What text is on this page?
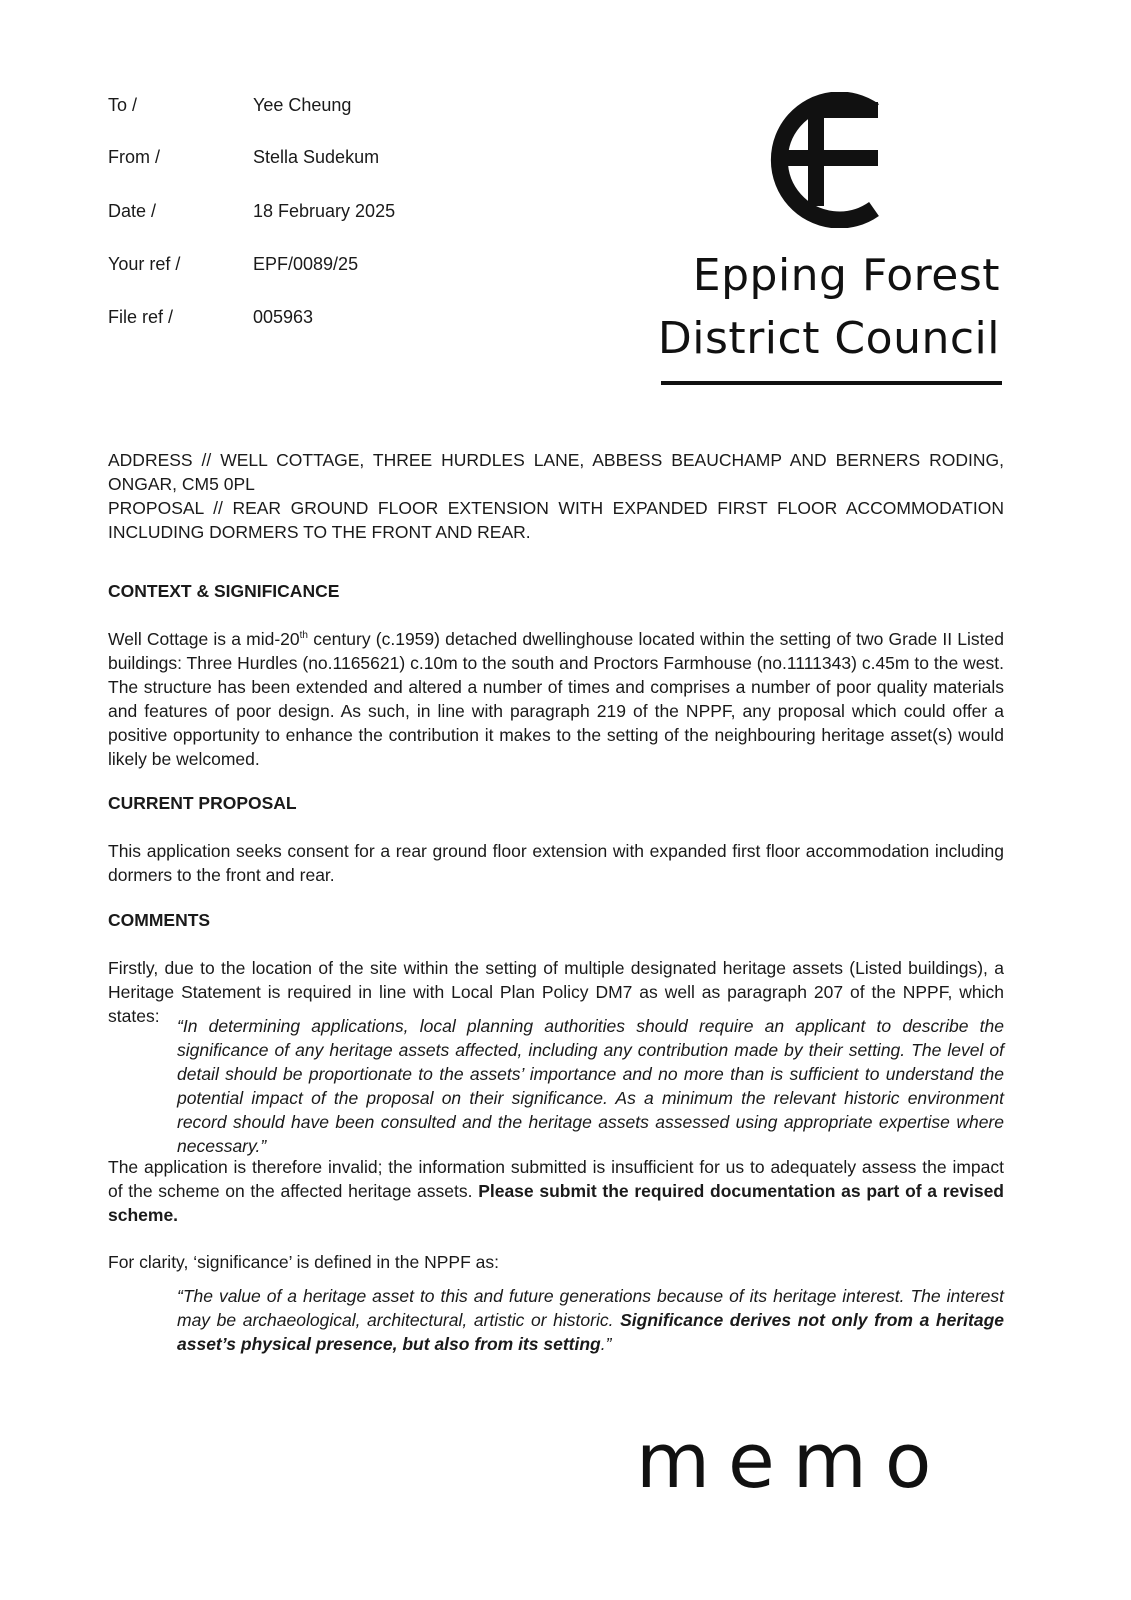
To /	Yee Cheung
From /	Stella Sudekum
Date /	18 February 2025
Your ref /	EPF/0089/25
File ref /	005963
Epping Forest
District Council
ADDRESS // WELL COTTAGE, THREE HURDLES LANE, ABBESS BEAUCHAMP AND BERNERS RODING, ONGAR, CM5 0PL
PROPOSAL // REAR GROUND FLOOR EXTENSION WITH EXPANDED FIRST FLOOR ACCOMMODATION INCLUDING DORMERS TO THE FRONT AND REAR.
CONTEXT & SIGNIFICANCE
Well Cottage is a mid-20th century (c.1959) detached dwellinghouse located within the setting of two Grade II Listed buildings: Three Hurdles (no.1165621) c.10m to the south and Proctors Farmhouse (no.1111343) c.45m to the west. The structure has been extended and altered a number of times and comprises a number of poor quality materials and features of poor design. As such, in line with paragraph 219 of the NPPF, any proposal which could offer a positive opportunity to enhance the contribution it makes to the setting of the neighbouring heritage asset(s) would likely be welcomed.
CURRENT PROPOSAL
This application seeks consent for a rear ground floor extension with expanded first floor accommodation including dormers to the front and rear.
COMMENTS
Firstly, due to the location of the site within the setting of multiple designated heritage assets (Listed buildings), a Heritage Statement is required in line with Local Plan Policy DM7 as well as paragraph 207 of the NPPF, which states: “In determining applications, local planning authorities should require an applicant to describe the significance of any heritage assets affected, including any contribution made by their setting. The level of detail should be proportionate to the assets’ importance and no more than is sufficient to understand the potential impact of the proposal on their significance. As a minimum the relevant historic environment record should have been consulted and the heritage assets assessed using appropriate expertise where necessary.”
The application is therefore invalid; the information submitted is insufficient for us to adequately assess the impact of the scheme on the affected heritage assets. Please submit the required documentation as part of a revised scheme.
For clarity, ‘significance’ is defined in the NPPF as:
“The value of a heritage asset to this and future generations because of its heritage interest. The interest may be archaeological, architectural, artistic or historic. Significance derives not only from a heritage asset’s physical presence, but also from its setting.”
memo
